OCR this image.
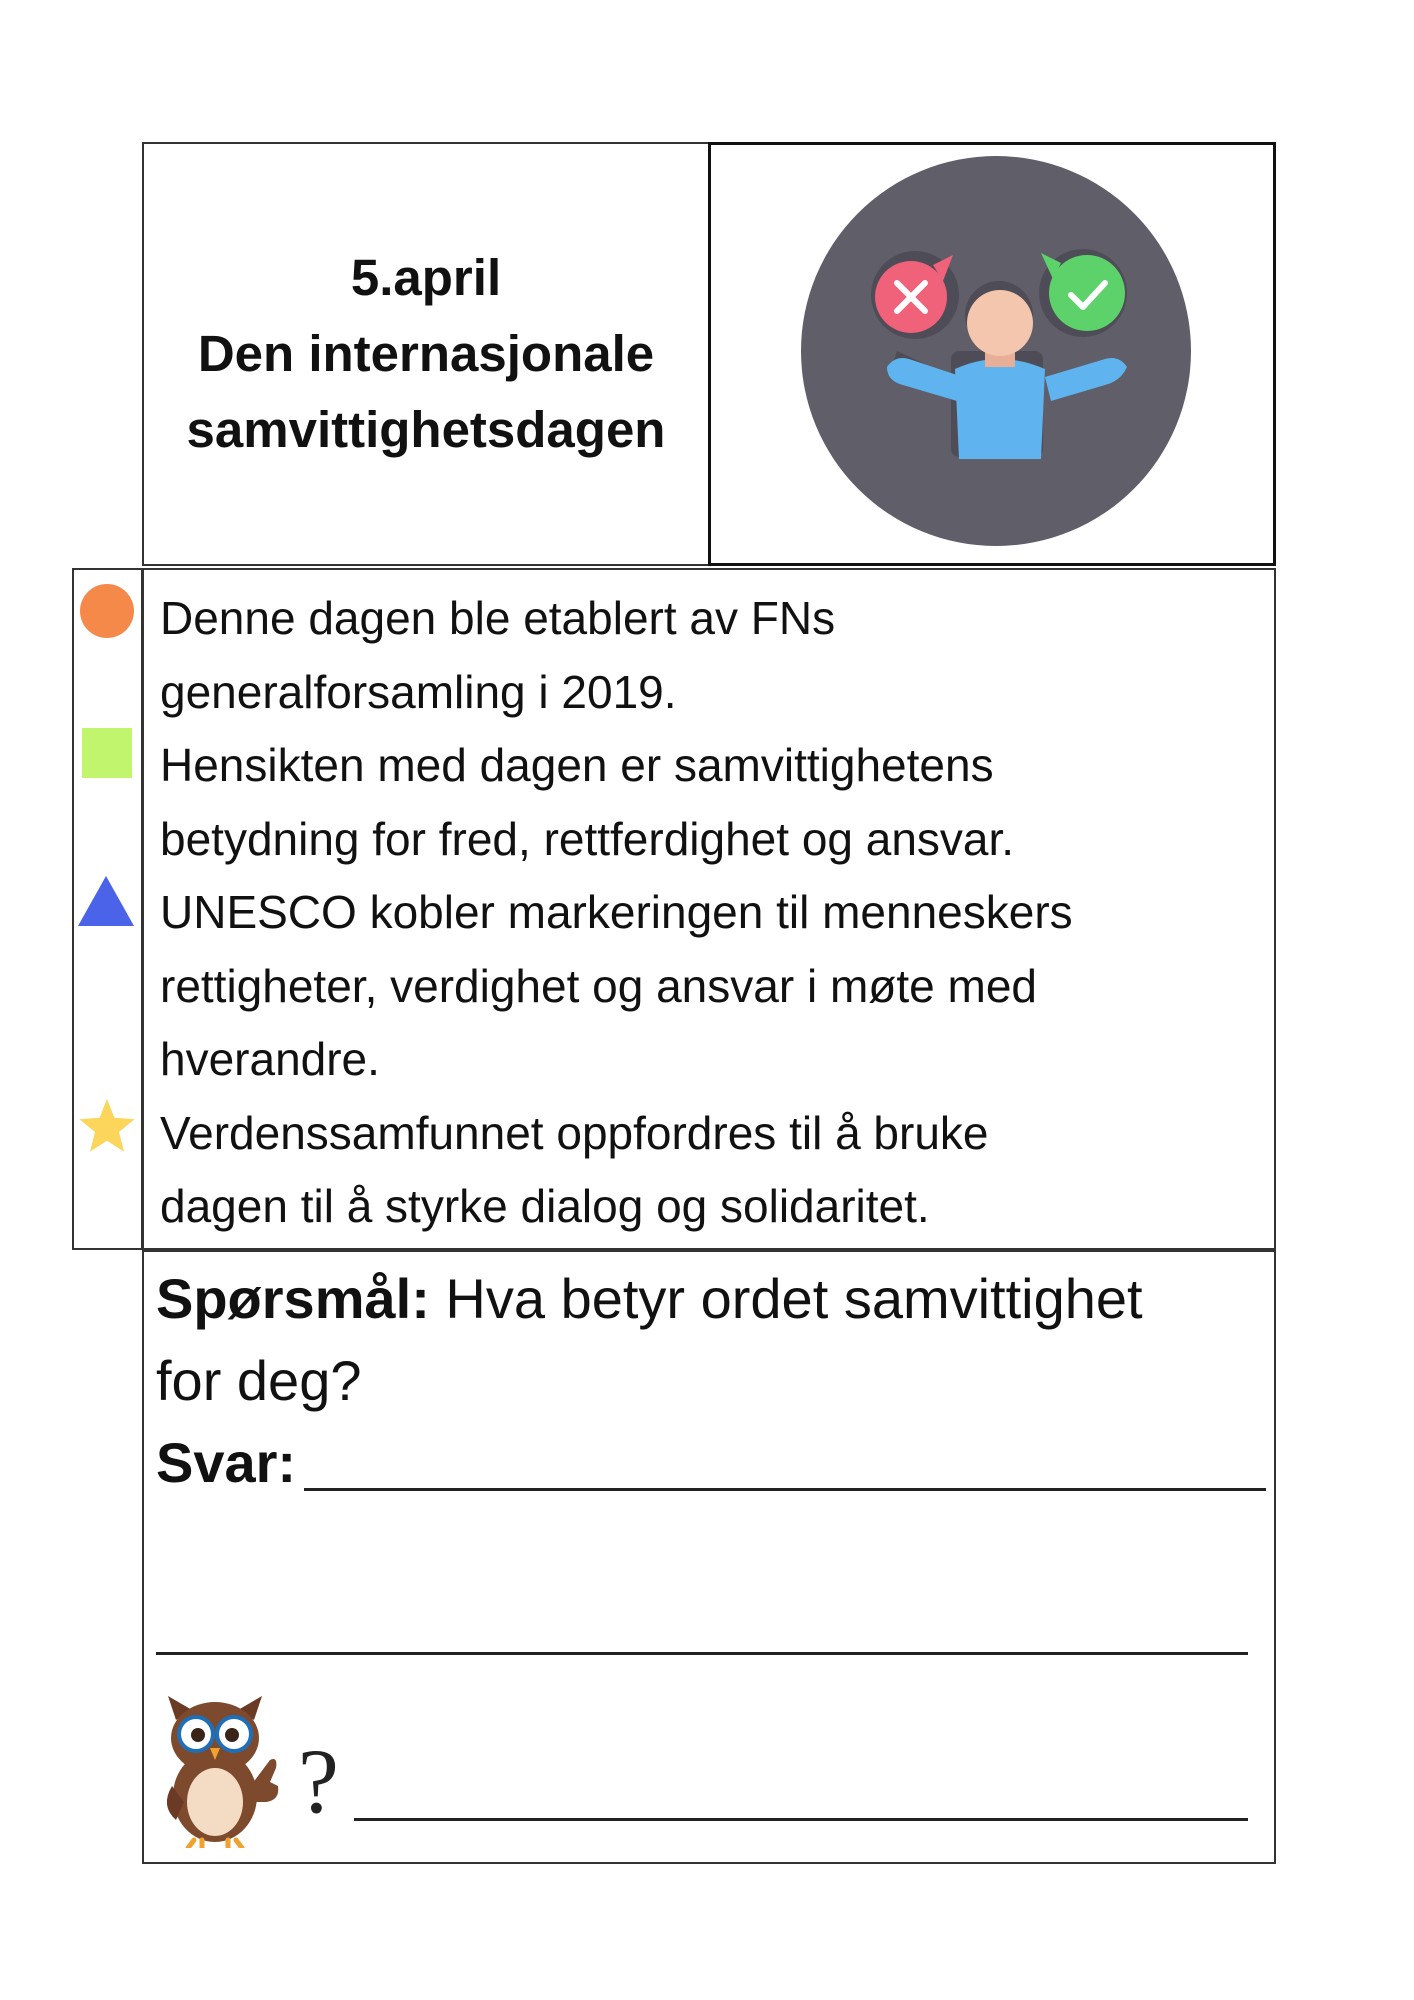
5.april
Den internasjonale
samvittighetsdagen
Denne dagen ble etablert av FNs
generalforsamling i 2019.
Hensikten med dagen er samvittighetens
betydning for fred, rettferdighet og ansvar.
UNESCO kobler markeringen til menneskers
rettigheter, verdighet og ansvar i møte med
hverandre.
Verdenssamfunnet oppfordres til å bruke
dagen til å styrke dialog og solidaritet.
Spørsmål: Hva betyr ordet samvittighet
for deg?
Svar:
?
